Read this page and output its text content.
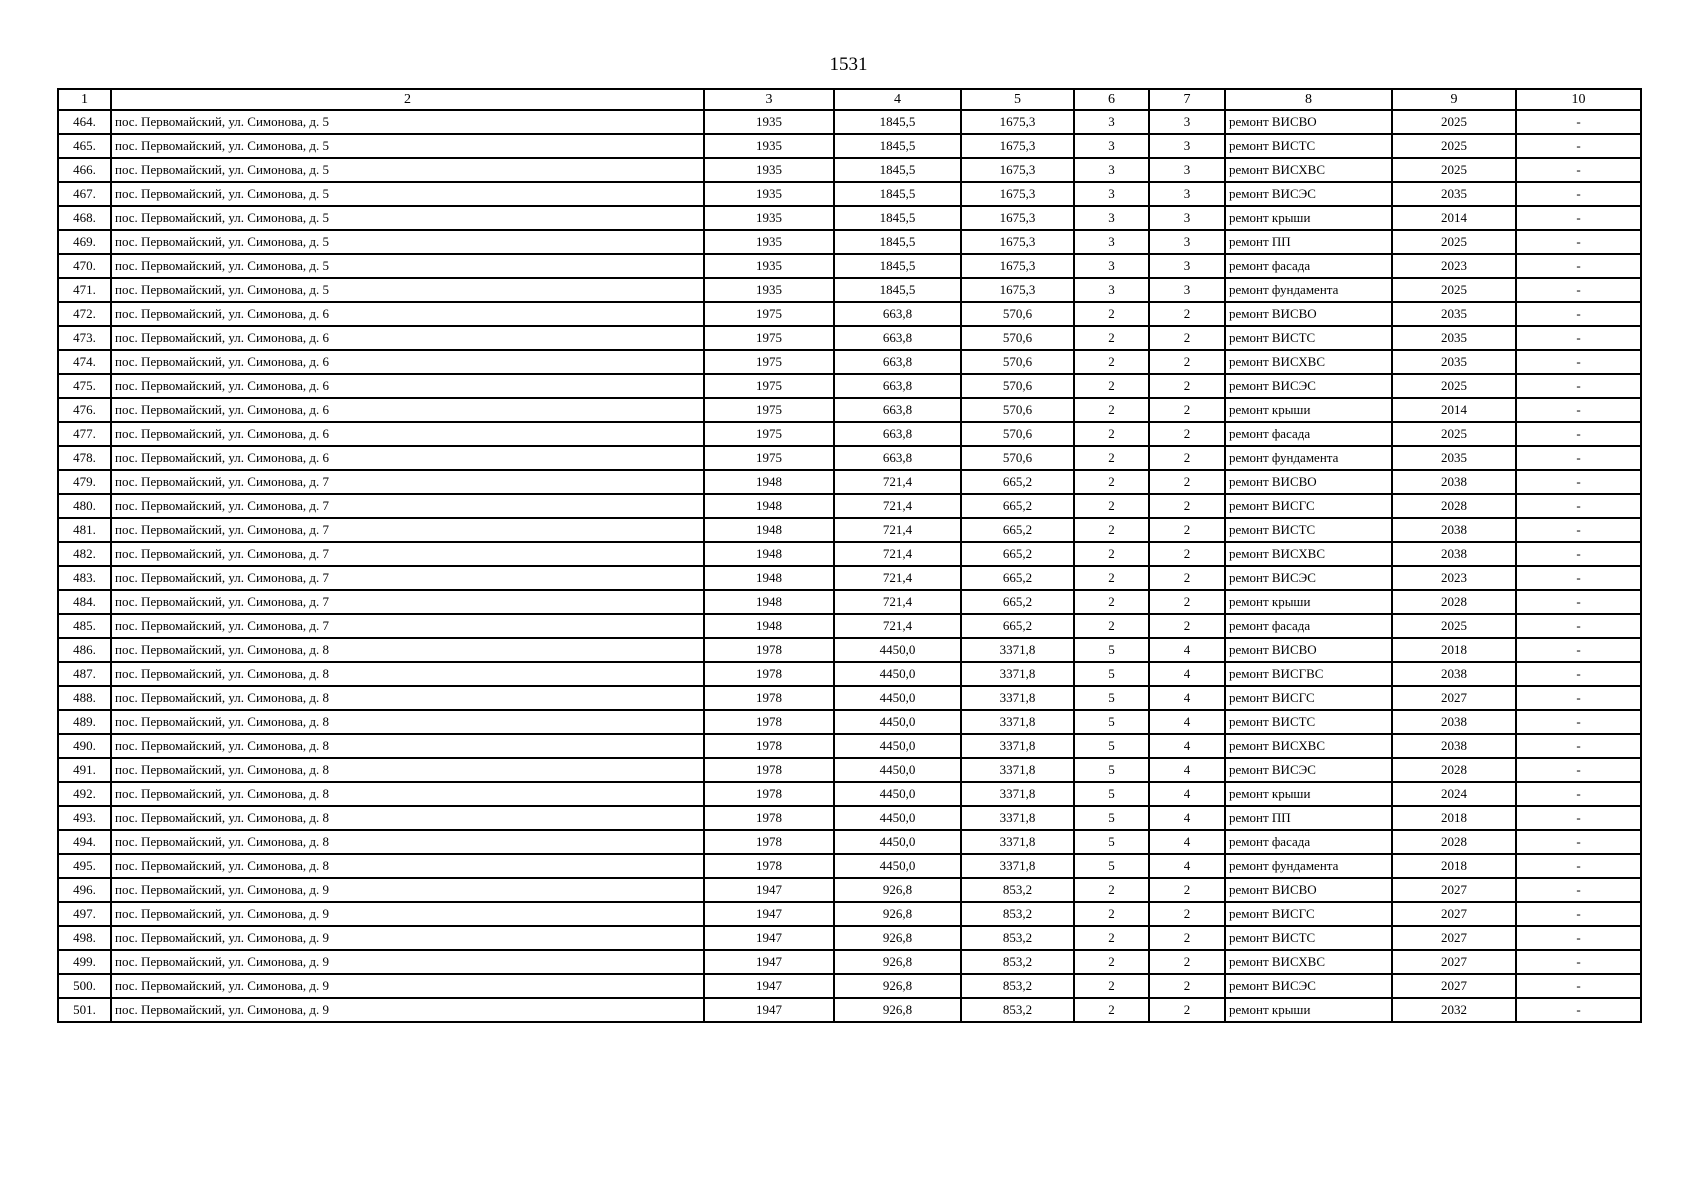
1531
1	2	3	4	5	6	7	8	9	10
464.	пос. Первомайский, ул. Симонова, д. 5	1935	1845,5	1675,3	3	3	ремонт ВИСВО	2025	-
465.	пос. Первомайский, ул. Симонова, д. 5	1935	1845,5	1675,3	3	3	ремонт ВИСТС	2025	-
466.	пос. Первомайский, ул. Симонова, д. 5	1935	1845,5	1675,3	3	3	ремонт ВИСХВС	2025	-
467.	пос. Первомайский, ул. Симонова, д. 5	1935	1845,5	1675,3	3	3	ремонт ВИСЭС	2035	-
468.	пос. Первомайский, ул. Симонова, д. 5	1935	1845,5	1675,3	3	3	ремонт крыши	2014	-
469.	пос. Первомайский, ул. Симонова, д. 5	1935	1845,5	1675,3	3	3	ремонт ПП	2025	-
470.	пос. Первомайский, ул. Симонова, д. 5	1935	1845,5	1675,3	3	3	ремонт фасада	2023	-
471.	пос. Первомайский, ул. Симонова, д. 5	1935	1845,5	1675,3	3	3	ремонт фундамента	2025	-
472.	пос. Первомайский, ул. Симонова, д. 6	1975	663,8	570,6	2	2	ремонт ВИСВО	2035	-
473.	пос. Первомайский, ул. Симонова, д. 6	1975	663,8	570,6	2	2	ремонт ВИСТС	2035	-
474.	пос. Первомайский, ул. Симонова, д. 6	1975	663,8	570,6	2	2	ремонт ВИСХВС	2035	-
475.	пос. Первомайский, ул. Симонова, д. 6	1975	663,8	570,6	2	2	ремонт ВИСЭС	2025	-
476.	пос. Первомайский, ул. Симонова, д. 6	1975	663,8	570,6	2	2	ремонт крыши	2014	-
477.	пос. Первомайский, ул. Симонова, д. 6	1975	663,8	570,6	2	2	ремонт фасада	2025	-
478.	пос. Первомайский, ул. Симонова, д. 6	1975	663,8	570,6	2	2	ремонт фундамента	2035	-
479.	пос. Первомайский, ул. Симонова, д. 7	1948	721,4	665,2	2	2	ремонт ВИСВО	2038	-
480.	пос. Первомайский, ул. Симонова, д. 7	1948	721,4	665,2	2	2	ремонт ВИСГС	2028	-
481.	пос. Первомайский, ул. Симонова, д. 7	1948	721,4	665,2	2	2	ремонт ВИСТС	2038	-
482.	пос. Первомайский, ул. Симонова, д. 7	1948	721,4	665,2	2	2	ремонт ВИСХВС	2038	-
483.	пос. Первомайский, ул. Симонова, д. 7	1948	721,4	665,2	2	2	ремонт ВИСЭС	2023	-
484.	пос. Первомайский, ул. Симонова, д. 7	1948	721,4	665,2	2	2	ремонт крыши	2028	-
485.	пос. Первомайский, ул. Симонова, д. 7	1948	721,4	665,2	2	2	ремонт фасада	2025	-
486.	пос. Первомайский, ул. Симонова, д. 8	1978	4450,0	3371,8	5	4	ремонт ВИСВО	2018	-
487.	пос. Первомайский, ул. Симонова, д. 8	1978	4450,0	3371,8	5	4	ремонт ВИСГВС	2038	-
488.	пос. Первомайский, ул. Симонова, д. 8	1978	4450,0	3371,8	5	4	ремонт ВИСГС	2027	-
489.	пос. Первомайский, ул. Симонова, д. 8	1978	4450,0	3371,8	5	4	ремонт ВИСТС	2038	-
490.	пос. Первомайский, ул. Симонова, д. 8	1978	4450,0	3371,8	5	4	ремонт ВИСХВС	2038	-
491.	пос. Первомайский, ул. Симонова, д. 8	1978	4450,0	3371,8	5	4	ремонт ВИСЭС	2028	-
492.	пос. Первомайский, ул. Симонова, д. 8	1978	4450,0	3371,8	5	4	ремонт крыши	2024	-
493.	пос. Первомайский, ул. Симонова, д. 8	1978	4450,0	3371,8	5	4	ремонт ПП	2018	-
494.	пос. Первомайский, ул. Симонова, д. 8	1978	4450,0	3371,8	5	4	ремонт фасада	2028	-
495.	пос. Первомайский, ул. Симонова, д. 8	1978	4450,0	3371,8	5	4	ремонт фундамента	2018	-
496.	пос. Первомайский, ул. Симонова, д. 9	1947	926,8	853,2	2	2	ремонт ВИСВО	2027	-
497.	пос. Первомайский, ул. Симонова, д. 9	1947	926,8	853,2	2	2	ремонт ВИСГС	2027	-
498.	пос. Первомайский, ул. Симонова, д. 9	1947	926,8	853,2	2	2	ремонт ВИСТС	2027	-
499.	пос. Первомайский, ул. Симонова, д. 9	1947	926,8	853,2	2	2	ремонт ВИСХВС	2027	-
500.	пос. Первомайский, ул. Симонова, д. 9	1947	926,8	853,2	2	2	ремонт ВИСЭС	2027	-
501.	пос. Первомайский, ул. Симонова, д. 9	1947	926,8	853,2	2	2	ремонт крыши	2032	-
